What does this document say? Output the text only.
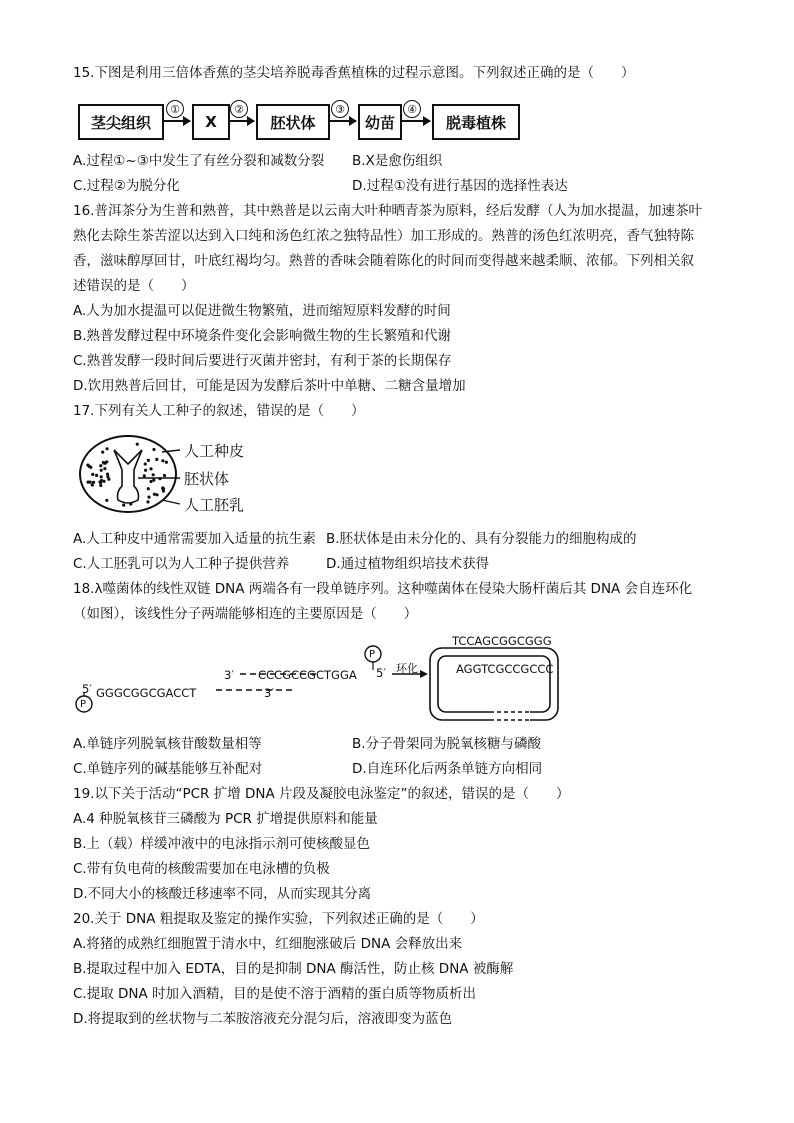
15.下图是利用三倍体香蕉的茎尖培养脱毒香蕉植株的过程示意图。下列叙述正确的是（　　）
茎尖组织
①
X
②
胚状体
③
幼苗
④
脱毒植株
A.过程①~③中发生了有丝分裂和减数分裂 B.X是愈伤组织
C.过程②为脱分化	D.过程①没有进行基因的选择性表达
16.普洱茶分为生普和熟普，其中熟普是以云南大叶种晒青茶为原料，经后发酵（人为加水提温，加速茶叶
熟化去除生茶苦涩以达到入口纯和汤色红浓之独特品性）加工形成的。熟普的汤色红浓明亮，香气独特陈
香，滋味醇厚回甘，叶底红褐均匀。熟普的香味会随着陈化的时间而变得越来越柔顺、浓郁。下列相关叙
述错误的是（　　）
A.人为加水提温可以促进微生物繁殖，进而缩短原料发酵的时间
B.熟普发酵过程中环境条件变化会影响微生物的生长繁殖和代谢
C.熟普发酵一段时间后要进行灭菌并密封，有利于茶的长期保存
D.饮用熟普后回甘，可能是因为发酵后茶叶中单糖、二糖含量增加
17.下列有关人工种子的叙述，错误的是（　　）
人工种皮
胚状体
人工胚乳
A.人工种皮中通常需要加入适量的抗生素 B.胚状体是由未分化的、具有分裂能力的细胞构成的
C.人工胚乳可以为人工种子提供营养	D.通过植物组织培技术获得
18.λ噬菌体的线性双链 DNA 两端各有一段单链序列。这种噬菌体在侵染大肠杆菌后其 DNA 会自连环化
（如图），该线性分子两端能够相连的主要原因是（　　）
CCCGCCGCTGGA
GGGCGGCGACCT
3′	5′
3′
5′
P
P
环化
TCCAGCGGCGGG
AGGTCGCCGCCC
A.单链序列脱氧核苷酸数量相等	B.分子骨架同为脱氧核糖与磷酸
C.单链序列的碱基能够互补配对	D.自连环化后两条单链方向相同
19.以下关于活动“PCR 扩增 DNA 片段及凝胶电泳鉴定”的叙述，错误的是（　　）
A.4 种脱氧核苷三磷酸为 PCR 扩增提供原料和能量
B.上（载）样缓冲液中的电泳指示剂可使核酸显色
C.带有负电荷的核酸需要加在电泳槽的负极
D.不同大小的核酸迁移速率不同，从而实现其分离
20.关于 DNA 粗提取及鉴定的操作实验，下列叙述正确的是（　　）
A.将猪的成熟红细胞置于清水中，红细胞涨破后 DNA 会释放出来
B.提取过程中加入 EDTA，目的是抑制 DNA 酶活性，防止核 DNA 被酶解
C.提取 DNA 时加入酒精，目的是使不溶于酒精的蛋白质等物质析出
D.将提取到的丝状物与二苯胺溶液充分混匀后，溶液即变为蓝色
